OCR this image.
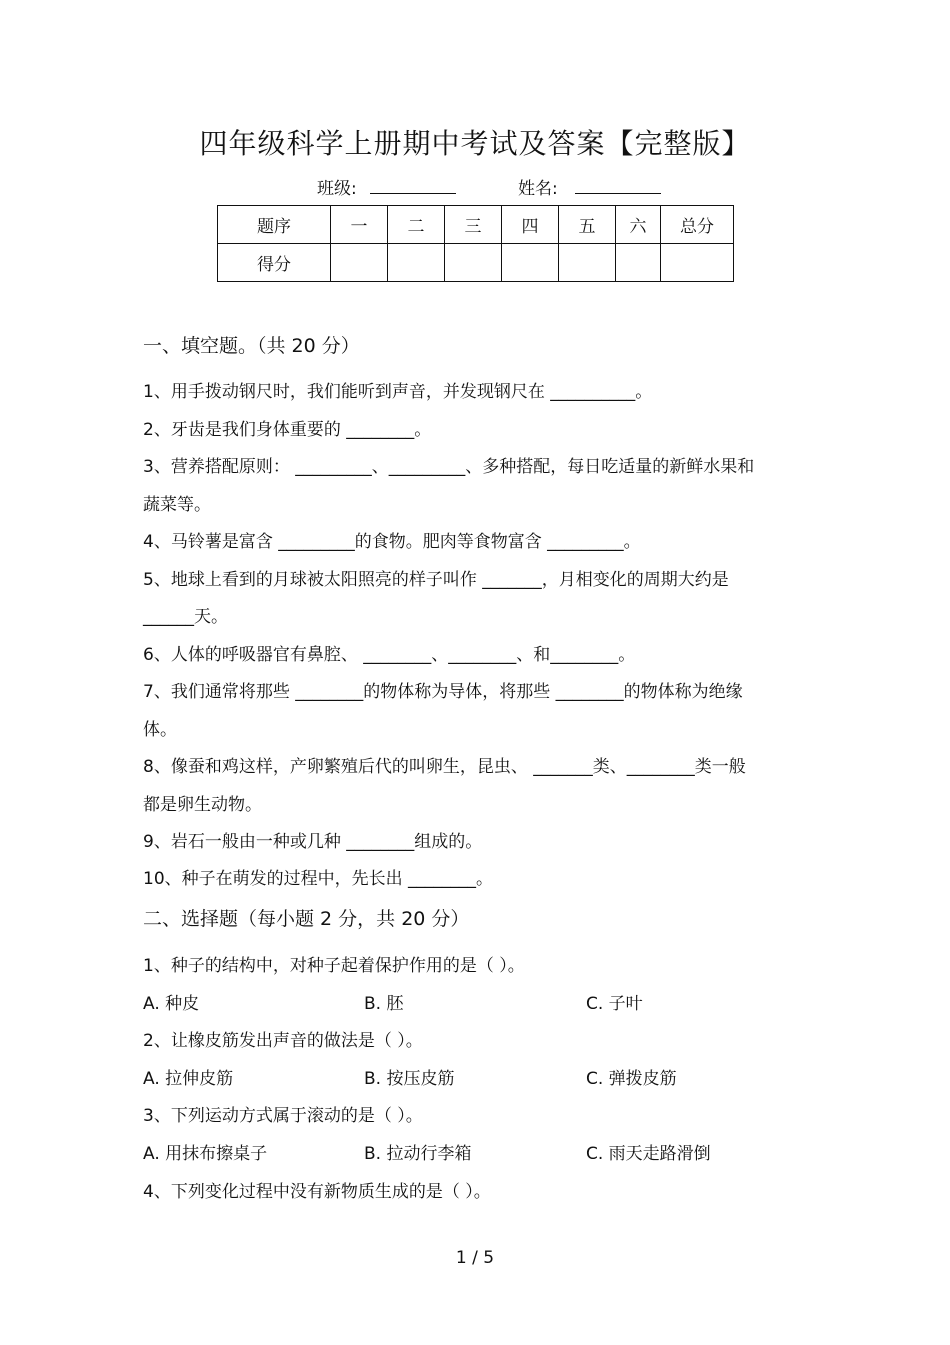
四年级科学上册期中考试及答案【完整版】
班级:	姓名:
题序	一	二	三	四	五	六	总分
得分							
一、填空题。（共 20 分）
1、用手拨动钢尺时，我们能听到声音，并发现钢尺在 __________。
2、牙齿是我们身体重要的 ________。
3、营养搭配原则： _________、_________、多种搭配，每日吃适量的新鲜水果和
蔬菜等。
4、马铃薯是富含 _________的食物。肥肉等食物富含 _________。
5、地球上看到的月球被太阳照亮的样子叫作 _______，月相变化的周期大约是
______天。
6、人体的呼吸器官有鼻腔、 ________、________、和________。
7、我们通常将那些 ________的物体称为导体，将那些 ________的物体称为绝缘
体。
8、像蚕和鸡这样，产卵繁殖后代的叫卵生，昆虫、 _______类、________类一般
都是卵生动物。
9、岩石一般由一种或几种 ________组成的。
10、种子在萌发的过程中，先长出 ________。
二、选择题（每小题 2 分，共 20 分）
1、种子的结构中，对种子起着保护作用的是（ ）。
A. 种皮	B. 胚	C. 子叶
2、让橡皮筋发出声音的做法是（ ）。
A. 拉伸皮筋	B. 按压皮筋	C. 弹拨皮筋
3、下列运动方式属于滚动的是（ ）。
A. 用抹布擦桌子	B. 拉动行李箱	C. 雨天走路滑倒
4、下列变化过程中没有新物质生成的是（ ）。
1 / 5
